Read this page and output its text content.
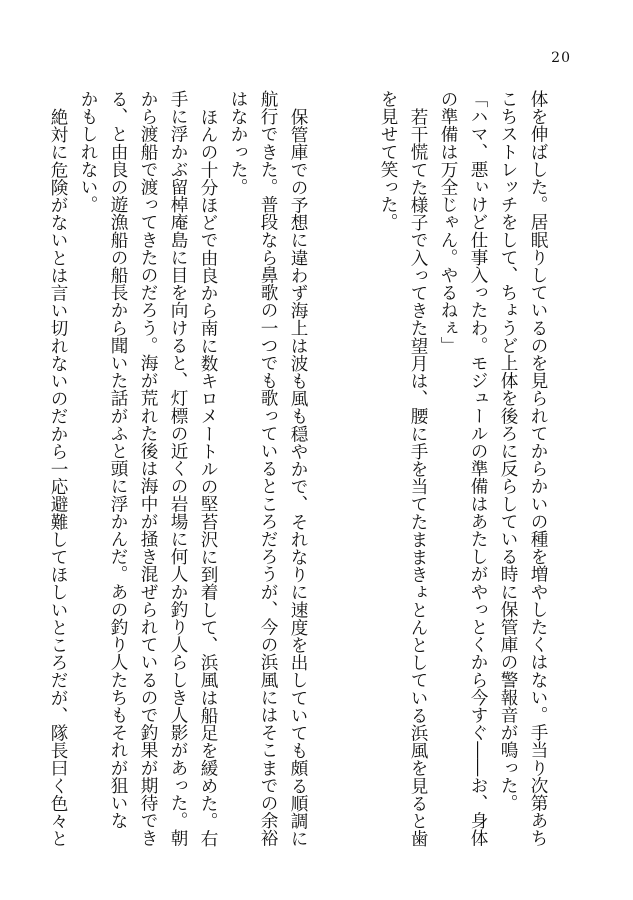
20

体を伸ばした。居眠りしているのを見られてからかいの種を増やしたくはない。手当り次第あち

こちストレッチをして、ちょうど上体を後ろに反らしている時に保管庫の警報音が鳴った。

「ハマ、悪ぃけど仕事入ったわ。モジュールの準備はあたしがやっとくから今すぐ――お、身体

の準備は万全じゃん。やるねぇ」

若干慌てた様子で入ってきた望月は、腰に手を当てたままきょとんとしている浜風を見ると歯

を見せて笑った。

保管庫での予想に違わず海上は波も風も穏やかで、それなりに速度を出していても頗る順調に

航行できた。普段なら鼻歌の一つでも歌っているところだろうが、今の浜風にはそこまでの余裕

はなかった。

ほんの十分ほどで由良から南に数キロメートルの堅苔沢に到着して、浜風は船足を緩めた。右

手に浮かぶ留棹庵島に目を向けると、灯標の近くの岩場に何人か釣り人らしき人影があった。朝

から渡船で渡ってきたのだろう。海が荒れた後は海中が掻き混ぜられているので釣果が期待でき

る、と由良の遊漁船の船長から聞いた話がふと頭に浮かんだ。あの釣り人たちもそれが狙いな

かもしれない。

絶対に危険がないとは言い切れないのだから一応避難してほしいところだが、隊長曰く色々と
